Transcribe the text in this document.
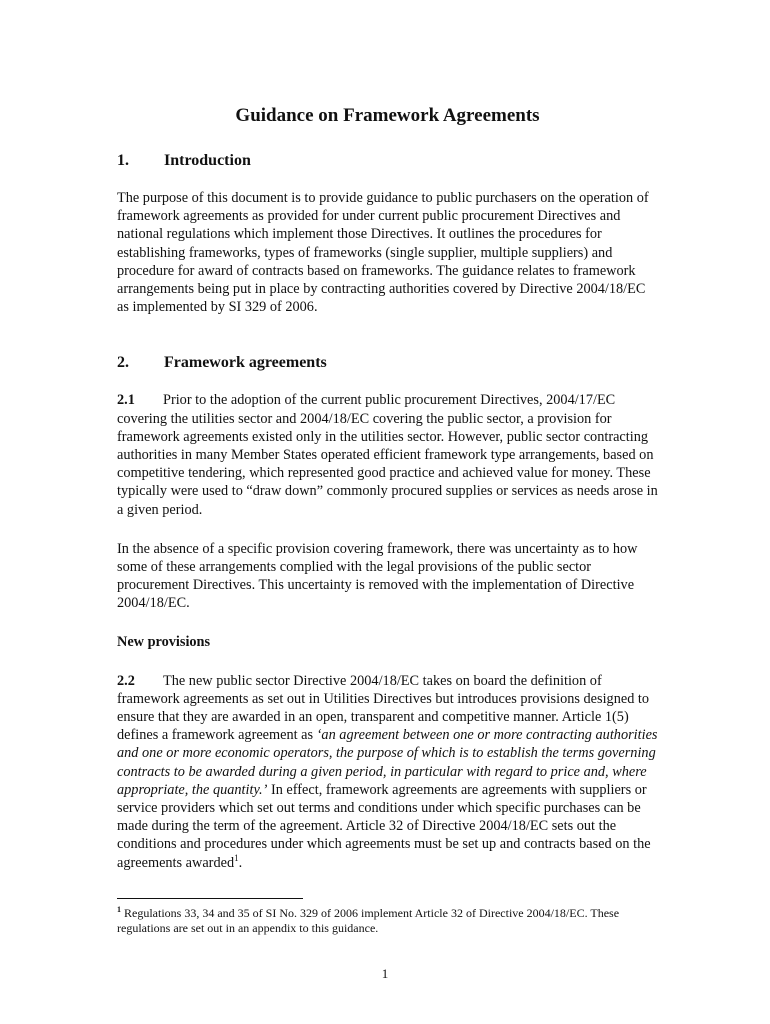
Guidance on Framework Agreements
1.	Introduction

The purpose of this document is to provide guidance to public purchasers on the operation of framework agreements as provided for under current public procurement Directives and national regulations which implement those Directives. It outlines the procedures for establishing frameworks, types of frameworks (single supplier, multiple suppliers) and procedure for award of contracts based on frameworks. The guidance relates to framework arrangements being put in place by contracting authorities covered by Directive 2004/18/EC as implemented by SI 329 of 2006.

2.	Framework agreements

2.1 Prior to the adoption of the current public procurement Directives, 2004/17/EC covering the utilities sector and 2004/18/EC covering the public sector, a provision for framework agreements existed only in the utilities sector. However, public sector contracting authorities in many Member States operated efficient framework type arrangements, based on competitive tendering, which represented good practice and achieved value for money. These typically were used to “draw down” commonly procured supplies or services as needs arose in a given period.

In the absence of a specific provision covering framework, there was uncertainty as to how some of these arrangements complied with the legal provisions of the public sector procurement Directives. This uncertainty is removed with the implementation of Directive 2004/18/EC.

New provisions

2.2 The new public sector Directive 2004/18/EC takes on board the definition of framework agreements as set out in Utilities Directives but introduces provisions designed to ensure that they are awarded in an open, transparent and competitive manner. Article 1(5) defines a framework agreement as ‘an agreement between one or more contracting authorities and one or more economic operators, the purpose of which is to establish the terms governing contracts to be awarded during a given period, in particular with regard to price and, where appropriate, the quantity.’ In effect, framework agreements are agreements with suppliers or service providers which set out terms and conditions under which specific purchases can be made during the term of the agreement. Article 32 of Directive 2004/18/EC sets out the conditions and procedures under which agreements must be set up and contracts based on the agreements awarded$^1$.

$^1$ Regulations 33, 34 and 35 of SI No. 329 of 2006 implement Article 32 of Directive 2004/18/EC. These regulations are set out in an appendix to this guidance.

1
